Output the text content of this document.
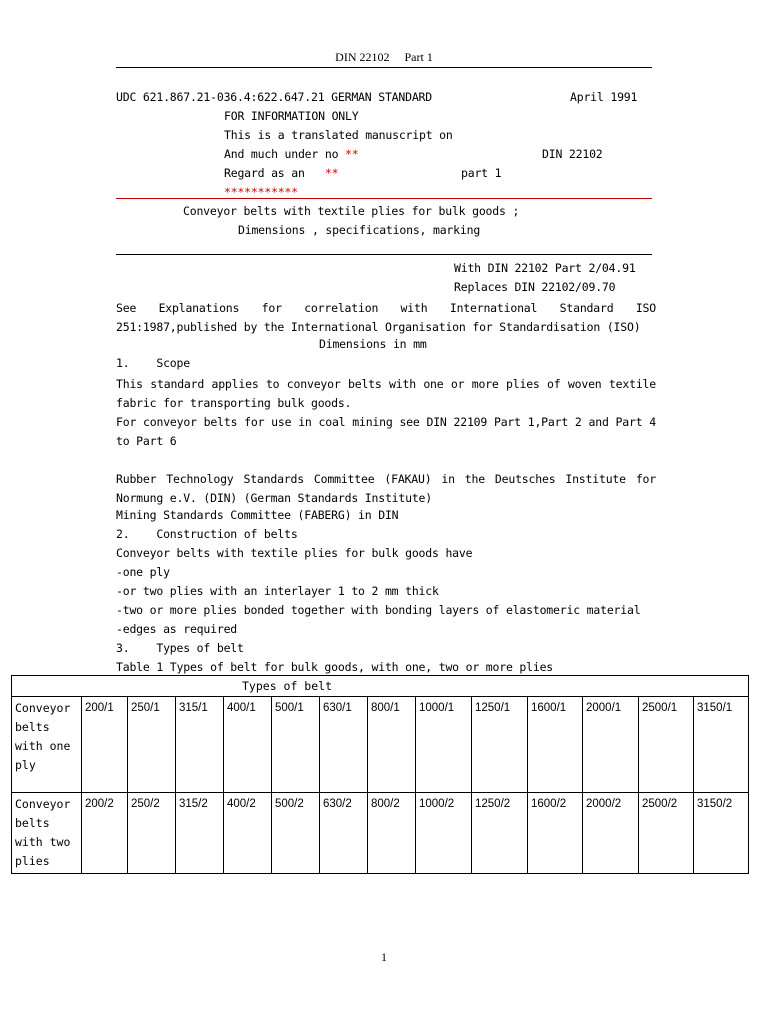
DIN 22102     Part 1
UDC 621.867.21-036.4:622.647.21 GERMAN STANDARD	April 1991
FOR INFORMATION ONLY
This is a translated manuscript on
And much under no **	DIN 22102
Regard as an **	part 1
***********
Conveyor belts with textile plies for bulk goods ;
Dimensions , specifications, marking
With DIN 22102 Part 2/04.91
Replaces DIN 22102/09.70
See Explanations for correlation with International Standard ISO 251:1987,published by the International Organisation for Standardisation (ISO)
Dimensions in mm
1.    Scope
This standard applies to conveyor belts with one or more plies of woven textile fabric for transporting bulk goods.
For conveyor belts for use in coal mining see DIN 22109 Part 1,Part 2 and Part 4 to Part 6
Rubber Technology Standards Committee (FAKAU) in the Deutsches Institute for Normung e.V. (DIN) (German Standards Institute)
Mining Standards Committee (FABERG) in DIN
2.    Construction of belts
Conveyor belts with textile plies for bulk goods have
-one ply
-or two plies with an interlayer 1 to 2 mm thick
-two or more plies bonded together with bonding layers of elastomeric material
-edges as required
3.    Types of belt
Table 1 Types of belt for bulk goods, with one, two or more plies
Types of belt													
Conveyor belts with one ply	200/1	250/1	315/1	400/1	500/1	630/1	800/1	1000/1	1250/1	1600/1	2000/1	2500/1	3150/1
Conveyor belts with two plies	200/2	250/2	315/2	400/2	500/2	630/2	800/2	1000/2	1250/2	1600/2	2000/2	2500/2	3150/2
1
